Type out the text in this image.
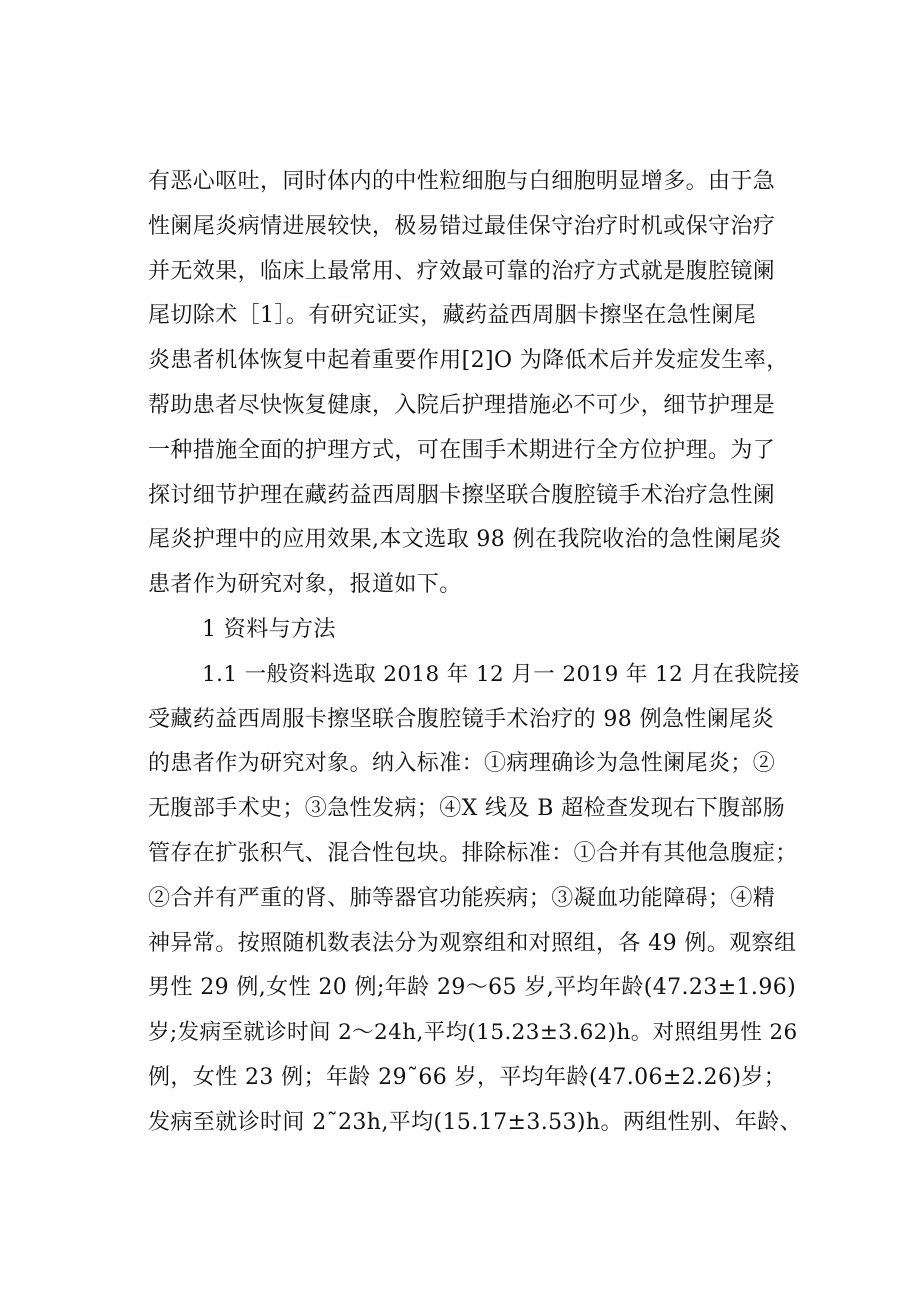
有恶心呕吐，同时体内的中性粒细胞与白细胞明显增多。由于急
性阑尾炎病情进展较快，极易错过最佳保守治疗时机或保守治疗
并无效果，临床上最常用、疗效最可靠的治疗方式就是腹腔镜阑
尾切除术［1］。有研究证实，藏药益西周胭卡擦坚在急性阑尾
炎患者机体恢复中起着重要作用[2]O 为降低术后并发症发生率，
帮助患者尽快恢复健康，入院后护理措施必不可少，细节护理是
一种措施全面的护理方式，可在围手术期进行全方位护理。为了
探讨细节护理在藏药益西周胭卡擦坚联合腹腔镜手术治疗急性阑
尾炎护理中的应用效果,本文选取 98 例在我院收治的急性阑尾炎
患者作为研究对象，报道如下。
1 资料与方法
1.1 一般资料选取 2018 年 12 月一 2019 年 12 月在我院接
受藏药益西周服卡擦坚联合腹腔镜手术治疗的 98 例急性阑尾炎
的患者作为研究对象。纳入标准：①病理确诊为急性阑尾炎；②
无腹部手术史；③急性发病；④X 线及 B 超检查发现右下腹部肠
管存在扩张积气、混合性包块。排除标准：①合并有其他急腹症；
②合并有严重的肾、肺等器官功能疾病；③凝血功能障碍；④精
神异常。按照随机数表法分为观察组和对照组，各 49 例。观察组
男性 29 例,女性 20 例;年龄 29～65 岁,平均年龄(47.23±1.96)
岁;发病至就诊时间 2～24h,平均(15.23±3.62)h。对照组男性 26
例，女性 23 例；年龄 29˜66 岁，平均年龄(47.06±2.26)岁；
发病至就诊时间 2˜23h,平均(15.17±3.53)h。两组性别、年龄、
